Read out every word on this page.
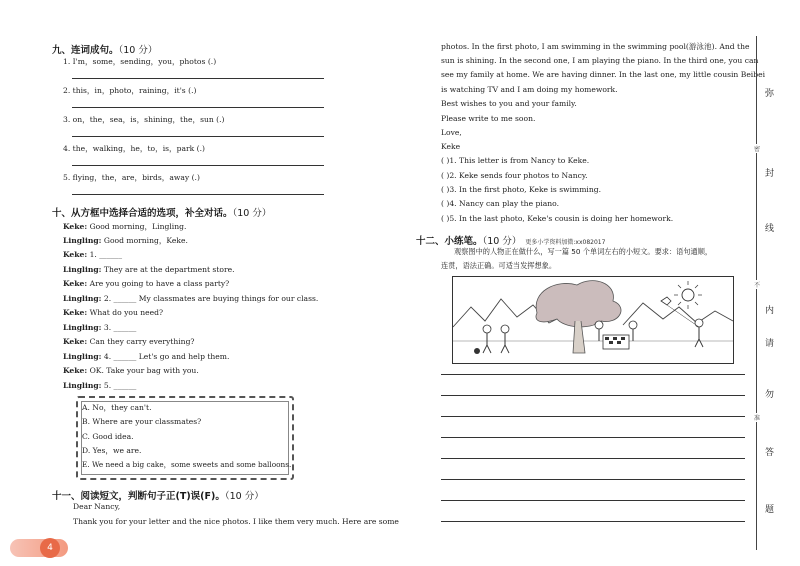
九、连词成句。（10 分）
1. I'm，some，sending，you，photos (.)
2. this，in，photo，raining，it's (.)
3. on，the，sea，is，shining，the，sun (.)
4. the，walking，he，to，is，park (.)
5. flying，the，are，birds，away (.)
十、从方框中选择合适的选项，补全对话。（10 分）
Keke: Good morning，Lingling.
Lingling: Good morning，Keke.
Keke: 1. ______
Lingling: They are at the department store.
Keke: Are you going to have a class party?
Lingling: 2. ______ My classmates are buying things for our class.
Keke: What do you need?
Lingling: 3. ______
Keke: Can they carry everything?
Lingling: 4. ______ Let's go and help them.
Keke: OK. Take your bag with you.
Lingling: 5. ______
A. No，they can't.
B. Where are your classmates?
C. Good idea.
D. Yes，we are.
E. We need a big cake，some sweets and some balloons.
十一、阅读短文，判断句子正(T)误(F)。（10 分）
Dear Nancy,
Thank you for your letter and the nice photos. I like them very much. Here are some
4
photos. In the first photo, I am swimming in the swimming pool(游泳池). And the
sun is shining. In the second one, I am playing the piano. In the third one, you can
see my family at home. We are having dinner. In the last one, my little cousin Beibei
is watching TV and I am doing my homework.
Best wishes to you and your family.
Please write to me soon.
Love,
Keke
( )1. This letter is from Nancy to Keke.
( )2. Keke sends four photos to Nancy.
( )3. In the first photo, Keke is swimming.
( )4. Nancy can play the piano.
( )5. In the last photo, Keke's cousin is doing her homework.
十二、小练笔。（10 分） 更多小学资料加微:xx082017
观察图中的人物正在做什么，写一篇 50 个单词左右的小短文。要求：语句通顺，
连贯，语法正确。可适当发挥想象。
弥
密
封
线
不
内
请
勿
准
答
题
